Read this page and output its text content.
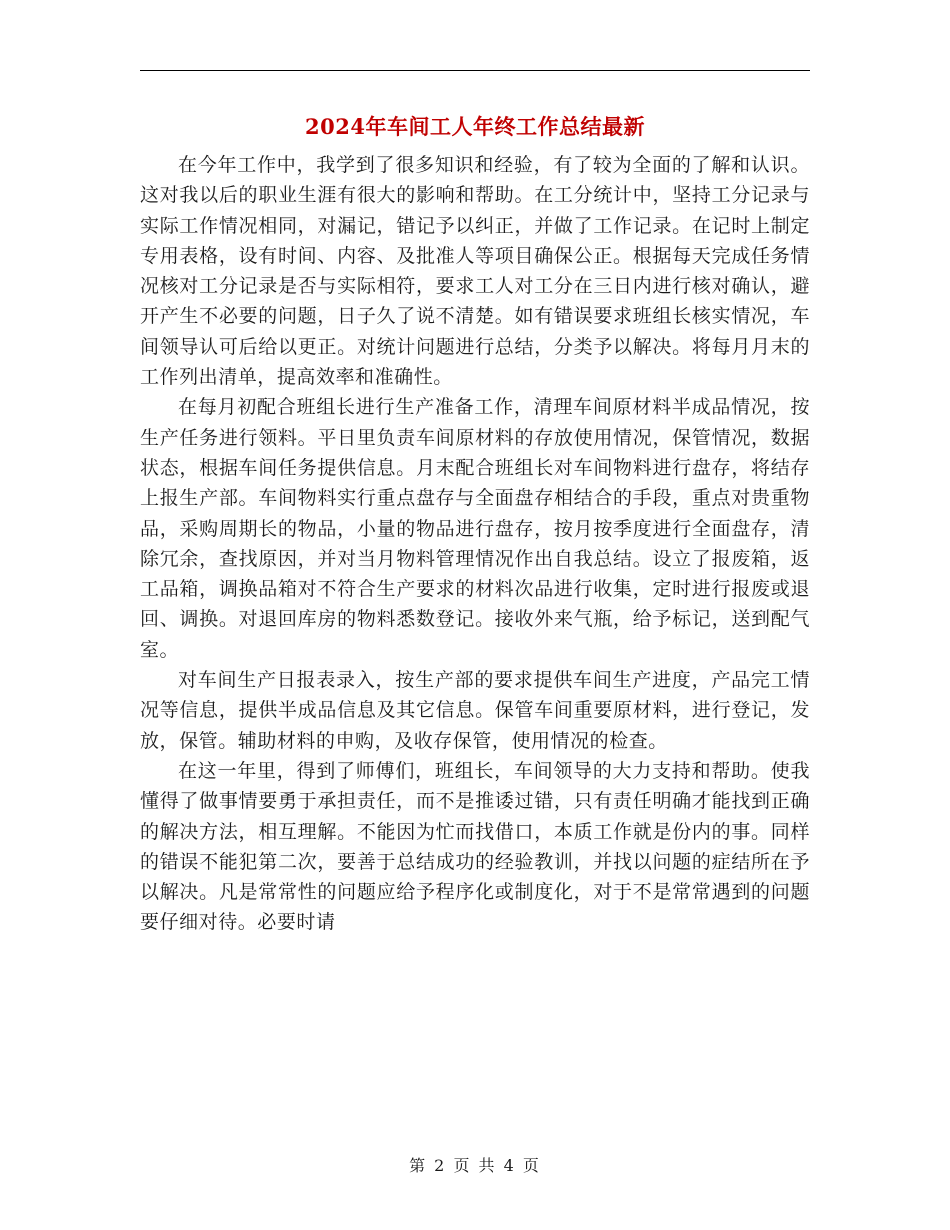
2024年车间工人年终工作总结最新

在今年工作中，我学到了很多知识和经验，有了较为全面的了解和认识。这对我以后的职业生涯有很大的影响和帮助。在工分统计中，坚持工分记录与实际工作情况相同，对漏记，错记予以纠正，并做了工作记录。在记时上制定专用表格，设有时间、内容、及批准人等项目确保公正。根据每天完成任务情况核对工分记录是否与实际相符，要求工人对工分在三日内进行核对确认，避开产生不必要的问题，日子久了说不清楚。如有错误要求班组长核实情况，车间领导认可后给以更正。对统计问题进行总结，分类予以解决。将每月月末的工作列出清单，提高效率和准确性。

在每月初配合班组长进行生产准备工作，清理车间原材料半成品情况，按生产任务进行领料。平日里负责车间原材料的存放使用情况，保管情况，数据状态，根据车间任务提供信息。月末配合班组长对车间物料进行盘存，将结存上报生产部。车间物料实行重点盘存与全面盘存相结合的手段，重点对贵重物品，采购周期长的物品，小量的物品进行盘存，按月按季度进行全面盘存，清除冗余，查找原因，并对当月物料管理情况作出自我总结。设立了报废箱，返工品箱，调换品箱对不符合生产要求的材料次品进行收集，定时进行报废或退回、调换。对退回库房的物料悉数登记。接收外来气瓶，给予标记，送到配气室。

对车间生产日报表录入，按生产部的要求提供车间生产进度，产品完工情况等信息，提供半成品信息及其它信息。保管车间重要原材料，进行登记，发放，保管。辅助材料的申购，及收存保管，使用情况的检查。

在这一年里，得到了师傅们，班组长，车间领导的大力支持和帮助。使我懂得了做事情要勇于承担责任，而不是推诿过错，只有责任明确才能找到正确的解决方法，相互理解。不能因为忙而找借口，本质工作就是份内的事。同样的错误不能犯第二次，要善于总结成功的经验教训，并找以问题的症结所在予以解决。凡是常常性的问题应给予程序化或制度化，对于不是常常遇到的问题要仔细对待。必要时请

第 2 页 共 4 页
